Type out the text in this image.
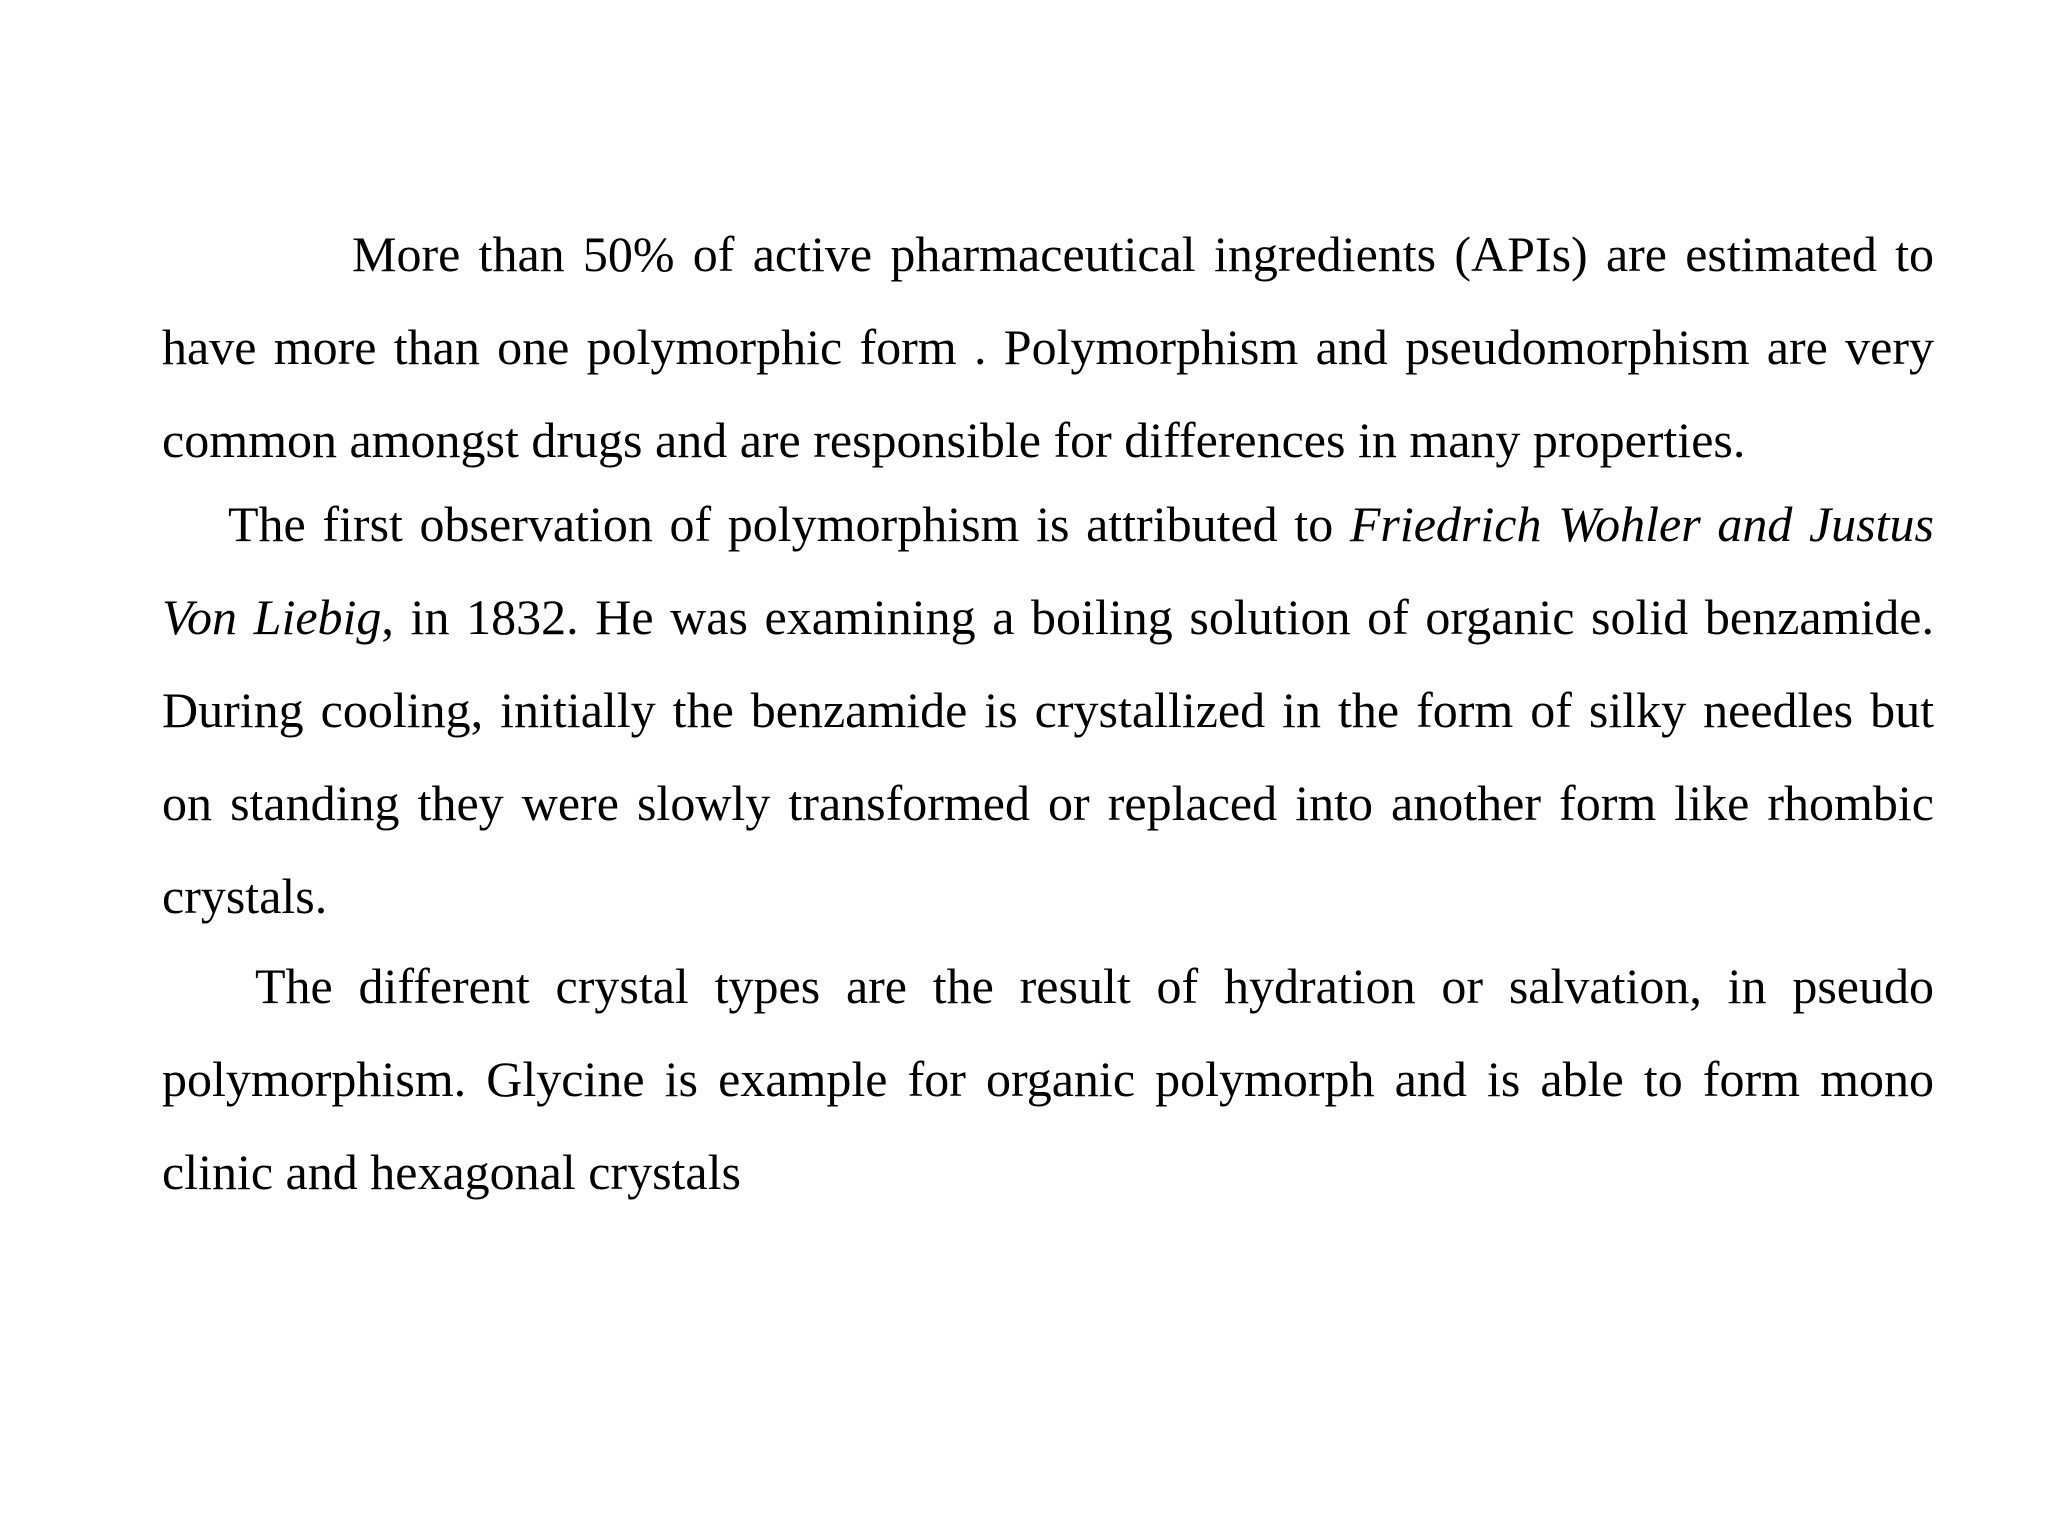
More than 50% of active pharmaceutical ingredients (APIs) are estimated to have more than one polymorphic form . Polymorphism and pseudomorphism are very common amongst drugs and are responsible for differences in many properties.

The first observation of polymorphism is attributed to Friedrich Wohler and Justus Von Liebig, in 1832. He was examining a boiling solution of organic solid benzamide. During cooling, initially the benzamide is crystallized in the form of silky needles but on standing they were slowly transformed or replaced into another form like rhombic crystals.

The different crystal types are the result of hydration or salvation, in pseudo polymorphism. Glycine is example for organic polymorph and is able to form mono clinic and hexagonal crystals
